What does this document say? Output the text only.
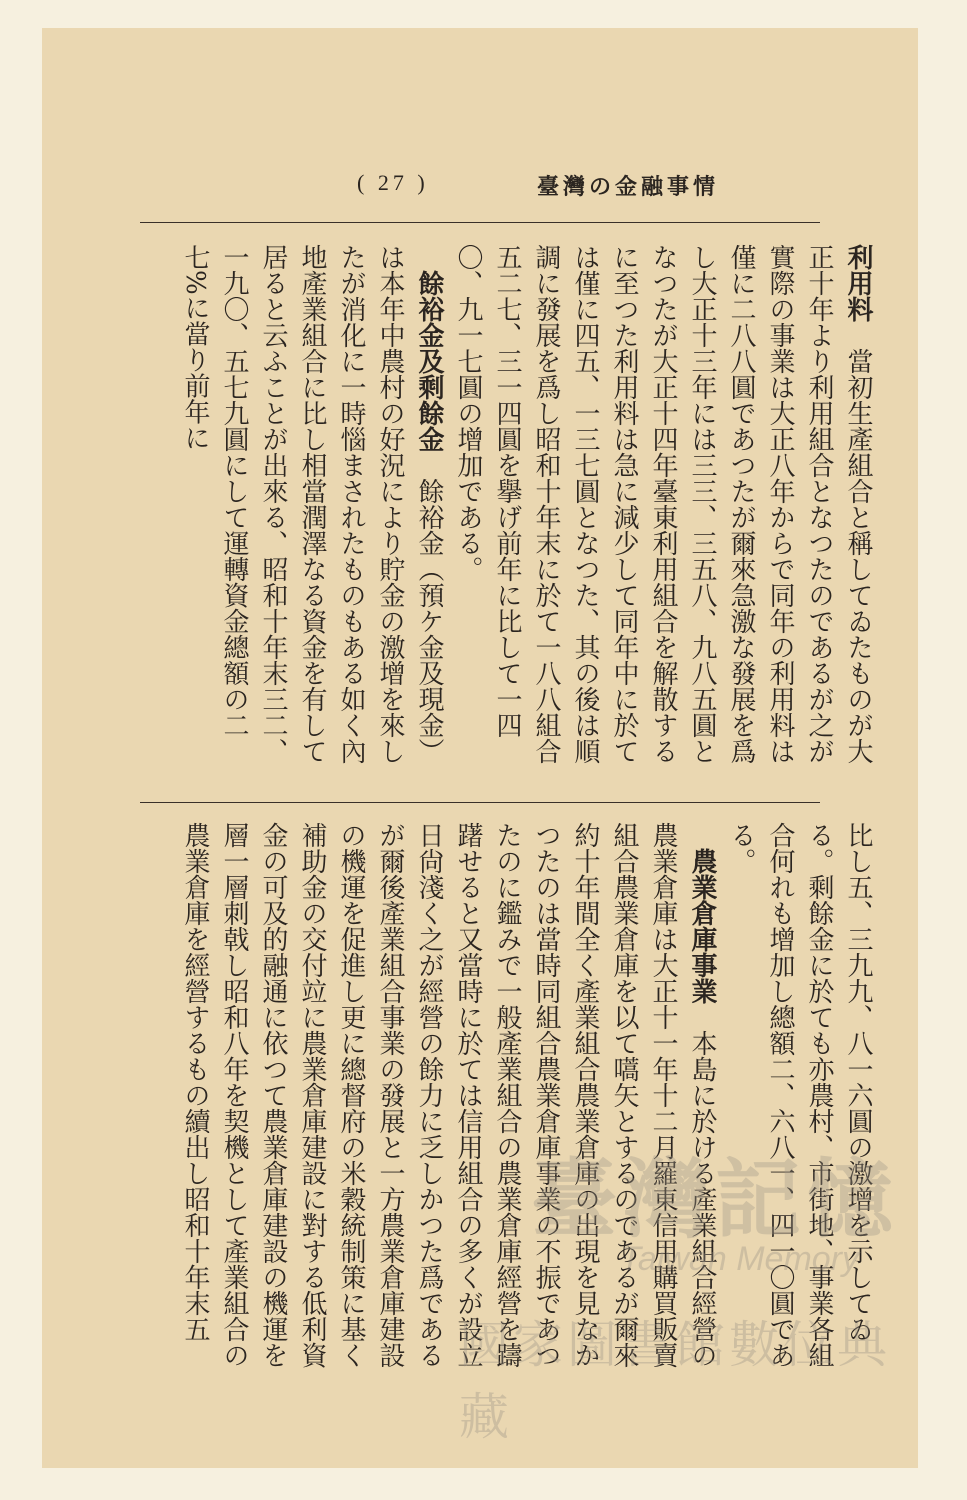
( 27 )	臺灣の金融事情

利用料當初生產組合と稱してゐたものが大正十年より利用組合となつたのであるが之が實際の事業は大正八年からで同年の利用料は僅に二八八圓であつたが爾來急激な發展を爲し大正十三年には三三、三五八、九八五圓となつたが大正十四年臺東利用組合を解散するに至つた利用料は急に減少して同年中に於ては僅に四五、一三七圓となつた、其の後は順調に發展を爲し昭和十年末に於て一八八組合五二七、三一四圓を擧げ前年に比して一四〇、九一七圓の增加である。

餘裕金及剩餘金餘裕金（預ケ金及現金）は本年中農村の好況により貯金の激增を來したが消化に一時惱まされたものもある如く內地產業組合に比し相當潤澤なる資金を有して居ると云ふことが出來る、昭和十年末三二、一九〇、五七九圓にして運轉資金總額の二七%に當り前年に

比し五、三九九、八一六圓の激增を示してゐる。剩餘金に於ても亦農村、市街地、事業各組合何れも增加し總額二、六八一、四一〇圓である。

農業倉庫事業本島に於ける產業組合經營の農業倉庫は大正十一年十二月羅東信用購買販賣組合農業倉庫を以て嚆矢とするのであるが爾來約十年間全く產業組合農業倉庫の出現を見なかつたのは當時同組合農業倉庫事業の不振であつたのに鑑みで一般產業組合の農業倉庫經營を躊躇せると又當時に於ては信用組合の多くが設立日尙淺く之が經營の餘力に乏しかつた爲であるが爾後產業組合事業の發展と一方農業倉庫建設の機運を促進し更に總督府の米穀統制策に基く補助金の交付竝に農業倉庫建設に對する低利資金の可及的融通に依つて農業倉庫建設の機運を層一層刺戟し昭和八年を契機として產業組合の農業倉庫を經營するもの續出し昭和十年末五	臺灣記憶
Taiwan Memory
國家圖書館數位典藏
